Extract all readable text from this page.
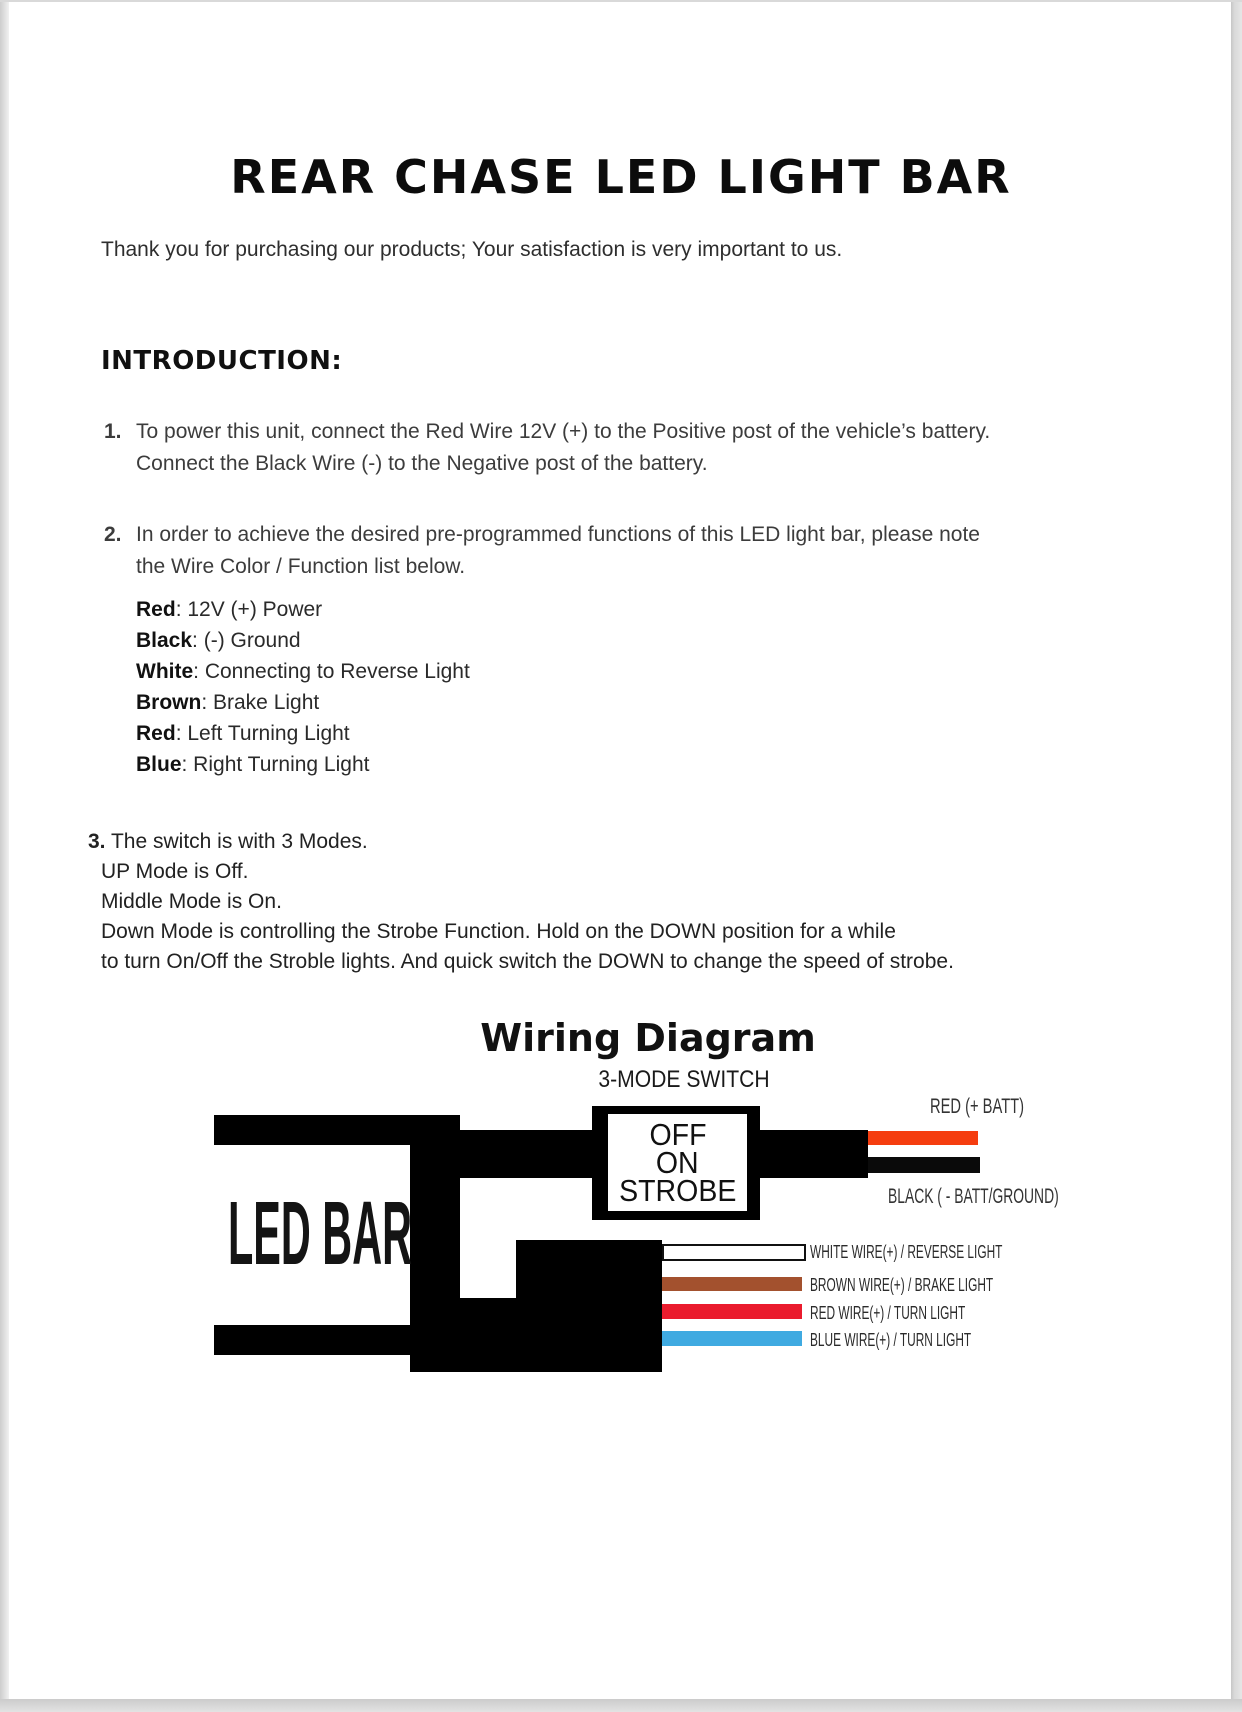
REAR CHASE LED LIGHT BAR
Thank you for purchasing our products; Your satisfaction is very important to us.
INTRODUCTION:
1. To power this unit, connect the Red Wire 12V (+) to the Positive post of the vehicle’s battery.
Connect the Black Wire (-) to the Negative post of the battery.
2. In order to achieve the desired pre-programmed functions of this LED light bar, please note
the Wire Color / Function list below.
Red: 12V (+) Power
Black: (-) Ground
White: Connecting to Reverse Light
Brown: Brake Light
Red: Left Turning Light
Blue: Right Turning Light
3. The switch is with 3 Modes.
UP Mode is Off.
Middle Mode is On.
Down Mode is controlling the Strobe Function. Hold on the DOWN position for a while
to turn On/Off the Stroble lights. And quick switch the DOWN to change the speed of strobe.
Wiring Diagram
3-MODE SWITCH
LED BAR
OFF
ON
STROBE
RED (+ BATT)
BLACK ( - BATT/GROUND)
WHITE WIRE(+) / REVERSE LIGHT
BROWN WIRE(+) / BRAKE LIGHT
RED WIRE(+) / TURN LIGHT
BLUE WIRE(+) / TURN LIGHT
